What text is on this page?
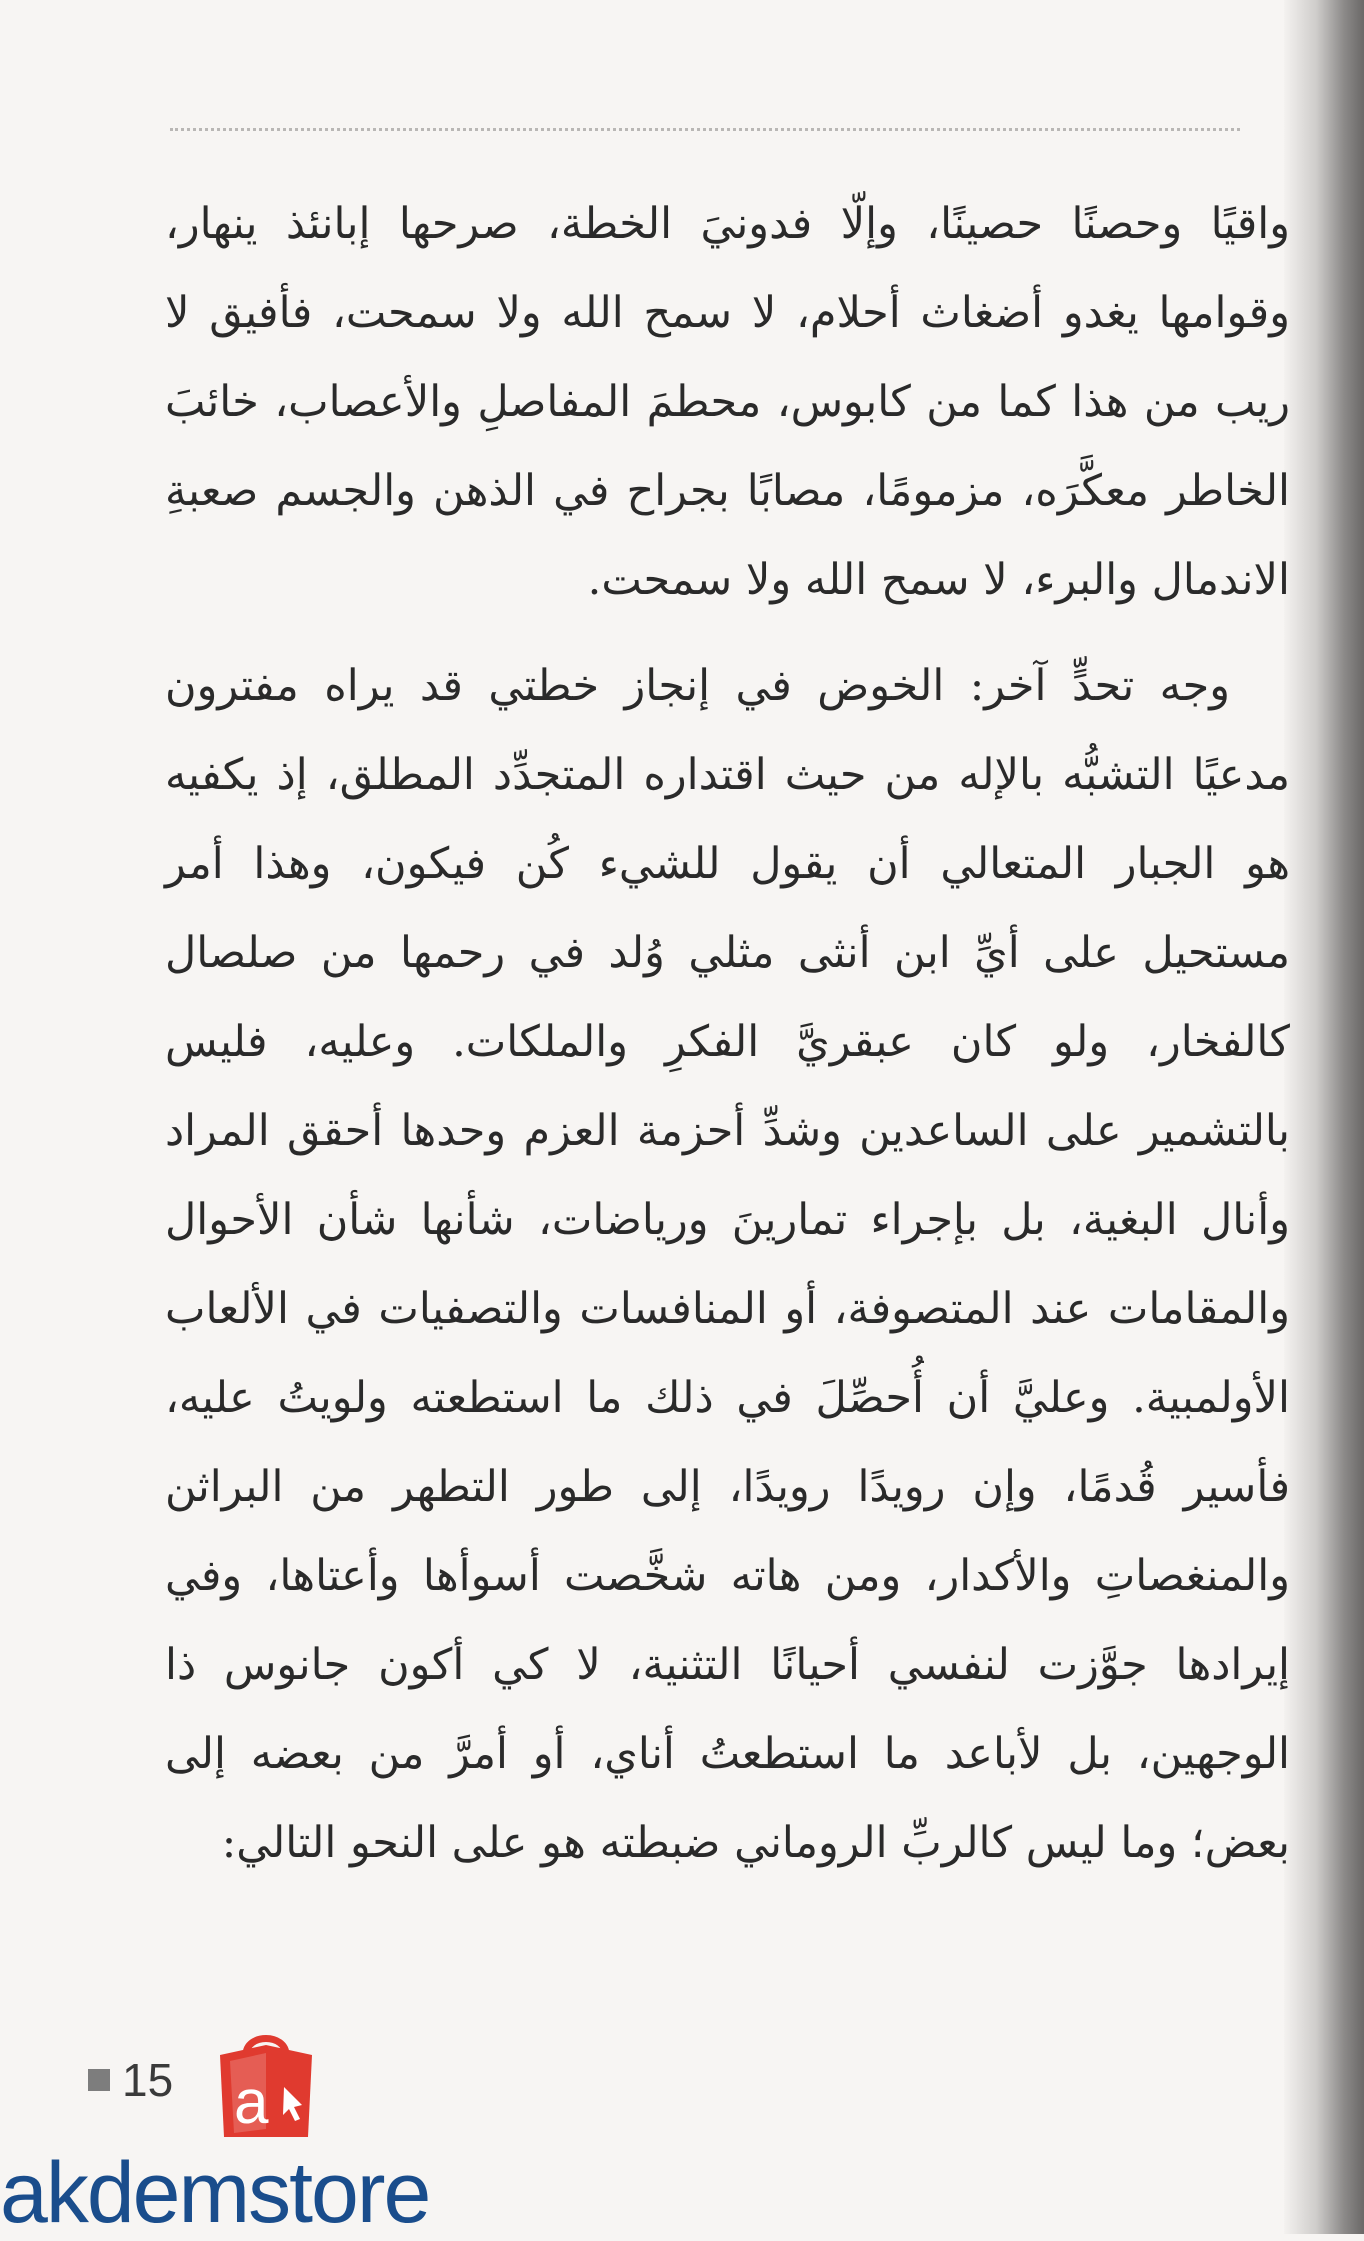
واقيًا وحصنًا حصينًا، وإلّا فدونيَ الخطة، صرحها إبانئذ ينهار، وقوامها يغدو أضغاث أحلام، لا سمح الله ولا سمحت، فأفيق لا ريب من هذا كما من كابوس، محطمَ المفاصلِ والأعصاب، خائبَ الخاطر معكَّرَه، مزمومًا، مصابًا بجراح في الذهن والجسم صعبةِ الاندمال والبرء، لا سمح الله ولا سمحت.

وجه تحدٍّ آخر: الخوض في إنجاز خطتي قد يراه مفترون مدعيًا التشبُّه بالإله من حيث اقتداره المتجدِّد المطلق، إذ يكفيه هو الجبار المتعالي أن يقول للشيء كُن فيكون، وهذا أمر مستحيل على أيِّ ابن أنثى مثلي وُلد في رحمها من صلصال كالفخار، ولو كان عبقريَّ الفكرِ والملكات. وعليه، فليس بالتشمير على الساعدين وشدِّ أحزمة العزم وحدها أحقق المراد وأنال البغية، بل بإجراء تمارينَ ورياضات، شأنها شأن الأحوال والمقامات عند المتصوفة، أو المنافسات والتصفيات في الألعاب الأولمبية. وعليَّ أن أُحصِّلَ في ذلك ما استطعته ولويتُ عليه، فأسير قُدمًا، وإن رويدًا رويدًا، إلى طور التطهر من البراثن والمنغصاتِ والأكدار، ومن هاته شخَّصت أسوأها وأعتاها، وفي إيرادها جوَّزت لنفسي أحيانًا التثنية، لا كي أكون جانوس ذا الوجهين، بل لأباعد ما استطعتُ أناي، أو أمرَّ من بعضه إلى بعض؛ وما ليس كالربِّ الروماني ضبطته هو على النحو التالي:

15 a
akdemstore
